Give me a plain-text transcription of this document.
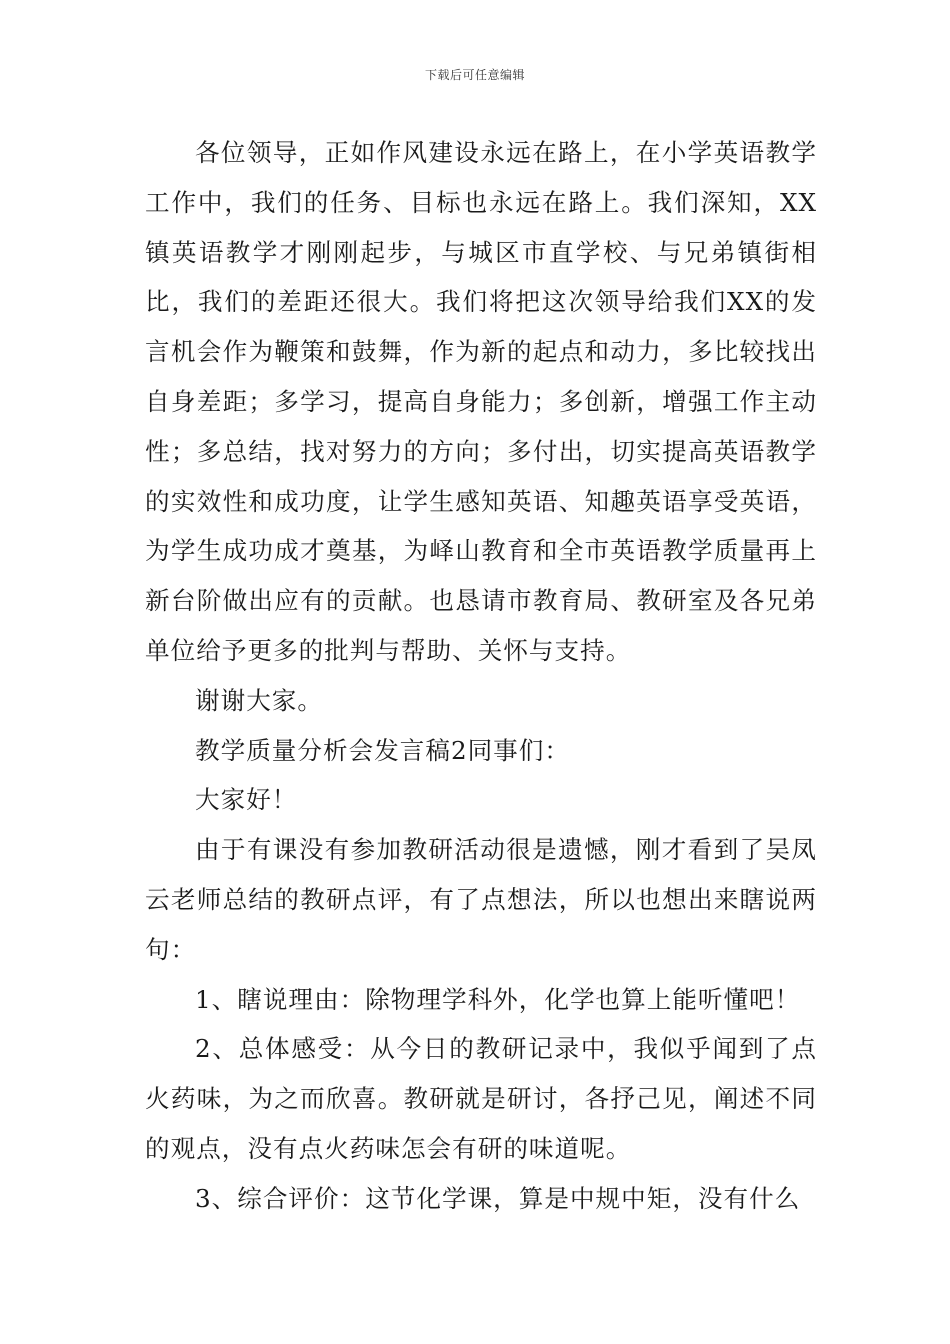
下载后可任意编辑

各位领导，正如作风建设永远在路上，在小学英语教学工作中，我们的任务、目标也永远在路上。我们深知，XX镇英语教学才刚刚起步，与城区市直学校、与兄弟镇街相比，我们的差距还很大。我们将把这次领导给我们XX的发言机会作为鞭策和鼓舞，作为新的起点和动力，多比较找出自身差距；多学习，提高自身能力；多创新，增强工作主动性；多总结，找对努力的方向；多付出，切实提高英语教学的实效性和成功度，让学生感知英语、知趣英语享受英语，为学生成功成才奠基，为峄山教育和全市英语教学质量再上新台阶做出应有的贡献。也恳请市教育局、教研室及各兄弟单位给予更多的批判与帮助、关怀与支持。

谢谢大家。

教学质量分析会发言稿2同事们：

大家好！

由于有课没有参加教研活动很是遗憾，刚才看到了吴凤云老师总结的教研点评，有了点想法，所以也想出来瞎说两句：

1、瞎说理由：除物理学科外，化学也算上能听懂吧！

2、总体感受：从今日的教研记录中，我似乎闻到了点火药味，为之而欣喜。教研就是研讨，各抒己见，阐述不同的观点，没有点火药味怎会有研的味道呢。

3、综合评价：这节化学课，算是中规中矩，没有什么
